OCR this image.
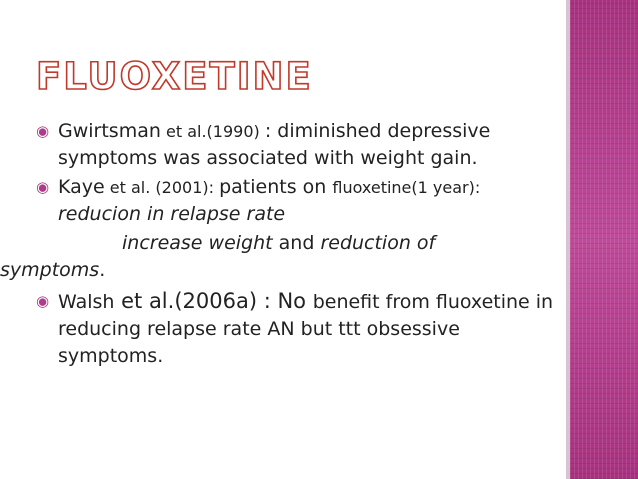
FLUOXETINE

◉ Gwirtsman et al.(1990) : diminished depressive symptoms was associated with weight gain.

◉ Kaye et al. (2001): patients on fluoxetine(1 year): reducion in relapse rate

increase weight and reduction of

symptoms.

◉ Walsh et al.(2006a) : No benefit from fluoxetine in reducing relapse rate AN but ttt obsessive symptoms.
